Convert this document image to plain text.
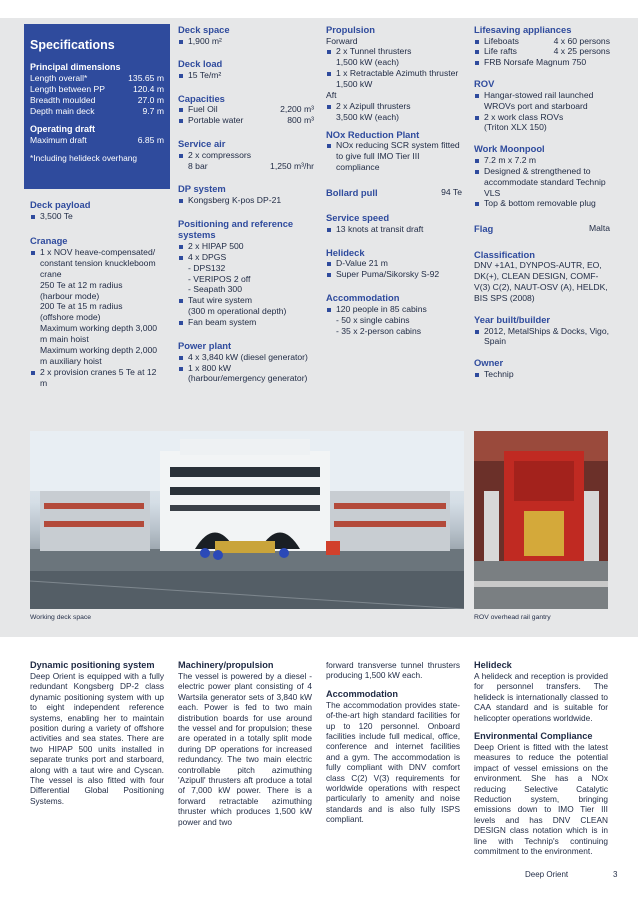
Specifications
Principal dimensions
Length overall*	135.65 m
Length between PP	120.4 m
Breadth moulded	27.0 m
Depth main deck	9.7 m
Operating draft
Maximum draft	6.85 m
*Including helideck overhang
Deck payload
3,500 Te
Cranage
1 x NOV heave-compensated/ constant tension knuckleboom crane
250 Te at 12 m radius
(harbour mode)
200 Te at 15 m radius
(offshore mode)
Maximum working depth 3,000 m main hoist
Maximum working depth 2,000 m auxiliary hoist
2 x provision cranes 5 Te at 12 m
Deck space
1,900 m²
Deck load
15 Te/m²
Capacities
Fuel Oil	2,200 m³
Portable water	800 m³
Service air
2 x compressors
8 bar	1,250 m³/hr
DP system
Kongsberg K-pos DP-21
Positioning and reference systems
2 x HIPAP 500
4 x DPGS
- DPS132
- VERIPOS 2 off
- Seapath 300
Taut wire system
(300 m operational depth)
Fan beam system
Power plant
4 x 3,840 kW (diesel generator)
1 x 800 kW
(harbour/emergency generator)
Propulsion
Forward
2 x Tunnel thrusters
1,500 kW (each)
1 x Retractable Azimuth thruster
1,500 kW
Aft
2 x Azipull thrusters
3,500 kW (each)
NOx Reduction Plant
NOx reducing SCR system fitted to give full IMO Tier III compliance
Bollard pull	94 Te
Service speed
13 knots at transit draft
Helideck
D-Value 21 m
Super Puma/Sikorsky S-92
Accommodation
120 people in 85 cabins
- 50 x single cabins
- 35 x 2-person cabins
Lifesaving appliances
Lifeboats	4 x 60 persons
Life rafts	4 x 25 persons
FRB Norsafe Magnum 750
ROV
Hangar-stowed rail launched WROVs port and starboard
2 x work class ROVs
(Triton XLX 150)
Work Moonpool
7.2 m x 7.2 m
Designed & strengthened to accommodate standard Technip VLS
Top & bottom removable plug
Flag	Malta
Classification
DNV +1A1, DYNPOS-AUTR, EO, DK(+), CLEAN DESIGN, COMF-V(3) C(2), NAUT-OSV (A), HELDK, BIS SPS (2008)
Year built/builder
2012, MetalShips & Docks, Vigo, Spain
Owner
Technip
Working deck space	ROV overhead rail gantry
Dynamic positioning system

Deep Orient is equipped with a fully redundant Kongsberg DP-2 class dynamic positioning system with up to eight independent reference systems, enabling her to maintain position during a variety of offshore activities and sea states. There are two HIPAP 500 units installed in separate trunks port and starboard, along with a taut wire and Cyscan. The vessel is also fitted with four Differential Global Positioning Systems.

Machinery/propulsion

The vessel is powered by a diesel -electric power plant consisting of 4 Wartsila generator sets of 3,840 kW each. Power is fed to two main distribution boards for use around the vessel and for propulsion; these are operated in a totally split mode during DP operations for increased redundancy. The two main electric controllable pitch azimuthing 'Azipull' thrusters aft produce a total of 7,000 kW power. There is a forward retractable azimuthing thruster which produces 1,500 kW power and two

forward transverse tunnel thrusters producing 1,500 kW each.

Accommodation

The accommodation provides state-of-the-art high standard facilities for up to 120 personnel. Onboard facilities include full medical, office, conference and internet facilities and a gym. The accommodation is fully compliant with DNV comfort class C(2) V(3) requirements for worldwide operations with respect particularly to amenity and noise standards and is also fully ISPS compliant.

Helideck

A helideck and reception is provided for personnel transfers. The helideck is internationally classed to CAA standard and is suitable for helicopter operations worldwide.

Environmental Compliance

Deep Orient is fitted with the latest measures to reduce the potential impact of vessel emissions on the environment. She has a NOx reducing Selective Catalytic Reduction system, bringing emissions down to IMO Tier III levels and has DNV CLEAN DESIGN class notation which is in line with Technip's continuing commitment to the environment.

Deep Orient	3
